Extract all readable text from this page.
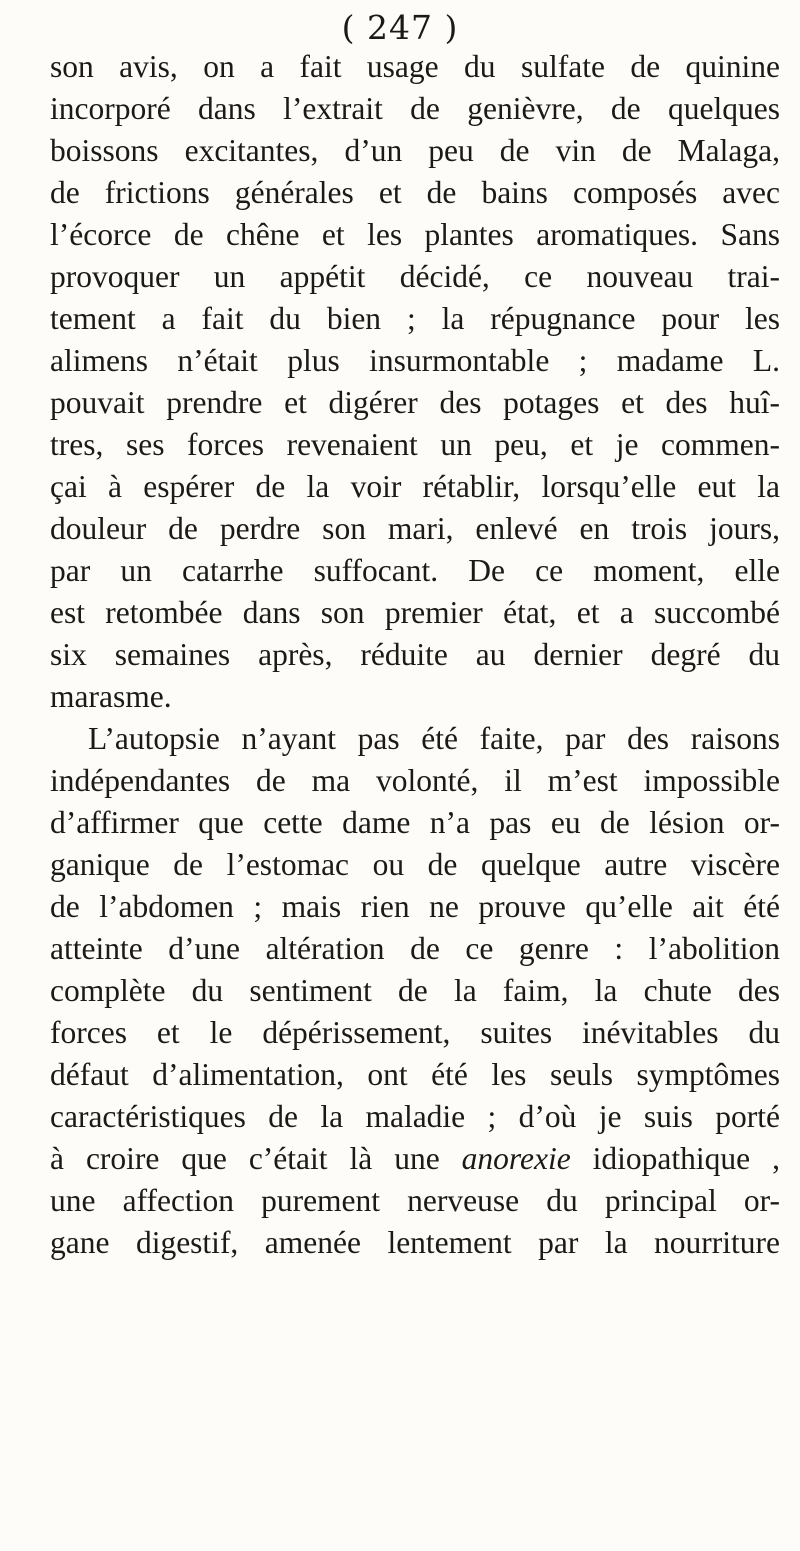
( 247 )
son avis, on a fait usage du sulfate de quinine
incorporé dans l’extrait de genièvre, de quelques
boissons excitantes, d’un peu de vin de Malaga,
de frictions générales et de bains composés avec
l’écorce de chêne et les plantes aromatiques. Sans
provoquer un appétit décidé, ce nouveau trai-
tement a fait du bien ; la répugnance pour les
alimens n’était plus insurmontable ; madame L.
pouvait prendre et digérer des potages et des huî-
tres, ses forces revenaient un peu, et je commen-
çai à espérer de la voir rétablir, lorsqu’elle eut la
douleur de perdre son mari, enlevé en trois jours,
par un catarrhe suffocant. De ce moment, elle
est retombée dans son premier état, et a succombé
six semaines après, réduite au dernier degré du
marasme.
L’autopsie n’ayant pas été faite, par des raisons
indépendantes de ma volonté, il m’est impossible
d’affirmer que cette dame n’a pas eu de lésion or-
ganique de l’estomac ou de quelque autre viscère
de l’abdomen ; mais rien ne prouve qu’elle ait été
atteinte d’une altération de ce genre : l’abolition
complète du sentiment de la faim, la chute des
forces et le dépérissement, suites inévitables du
défaut d’alimentation, ont été les seuls symptômes
caractéristiques de la maladie ; d’où je suis porté
à croire que c’était là une anorexie idiopathique ,
une affection purement nerveuse du principal or-
gane digestif, amenée lentement par la nourriture
